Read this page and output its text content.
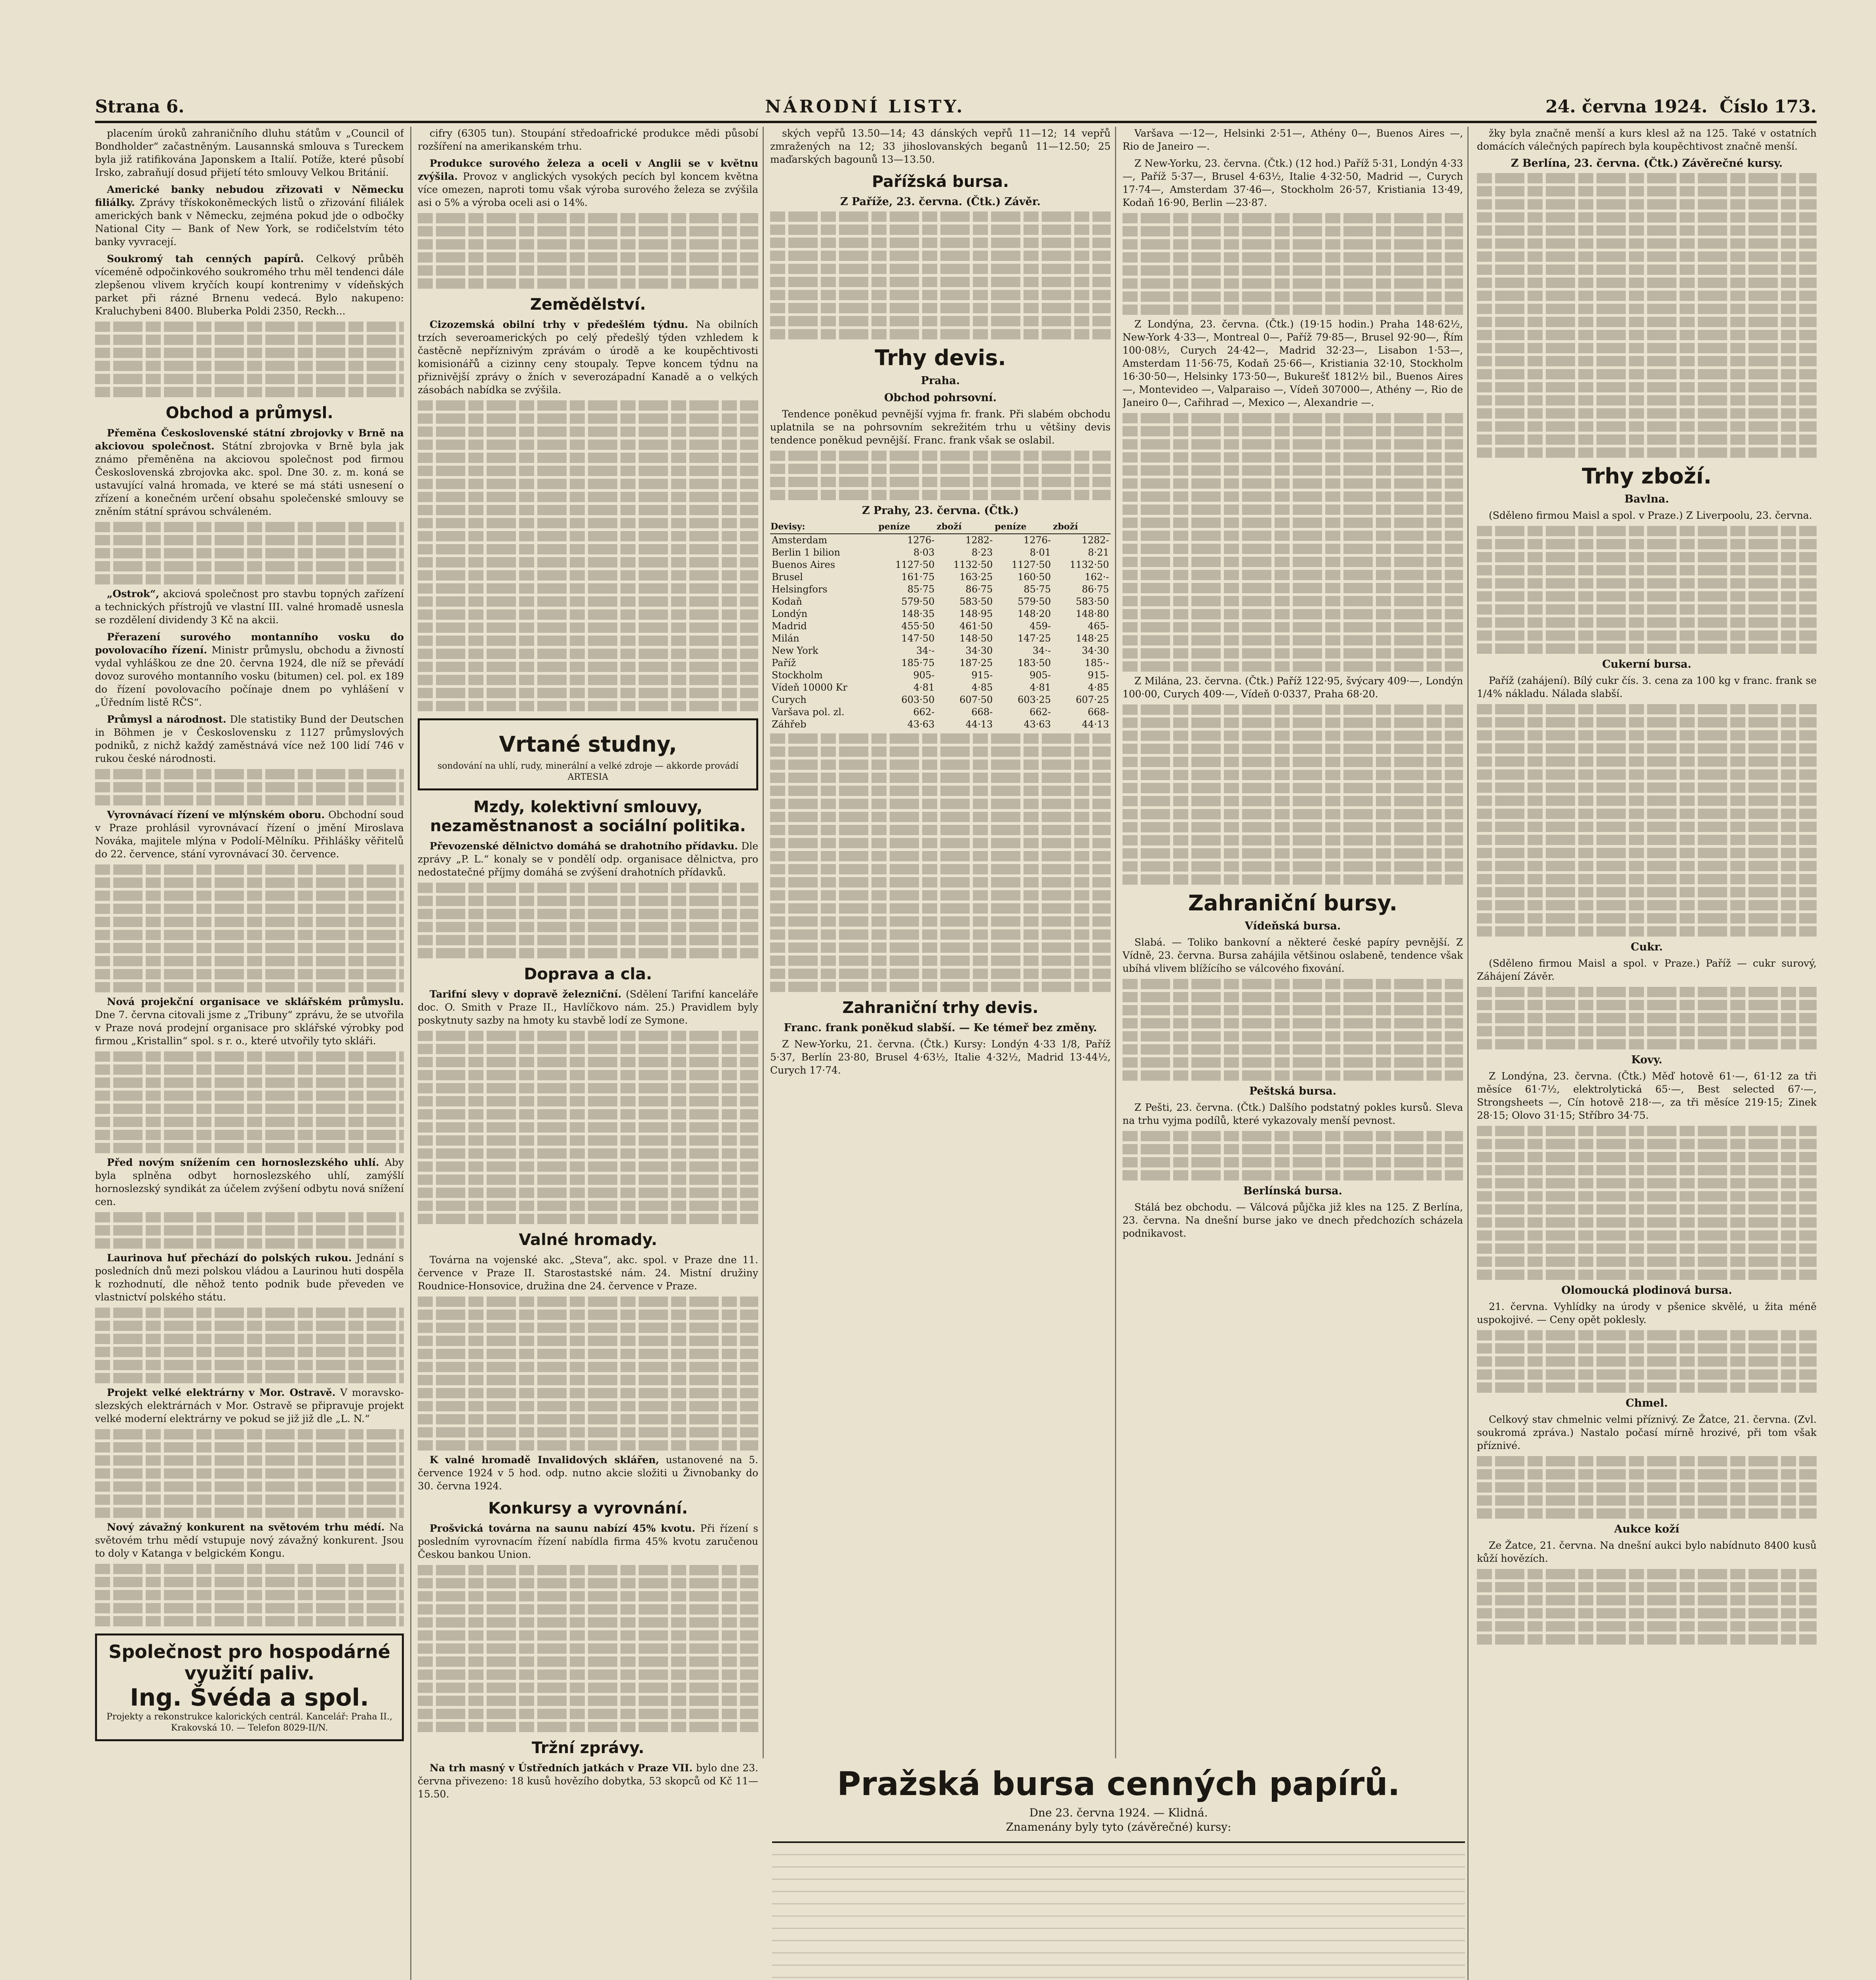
Strana 6.	NÁRODNÍ LISTY.	24. června 1924. Číslo 173.

placením úroků zahraničního dluhu státům v „Council of Bondholder“ začastněným. Lausannská smlouva s Tureckem byla již ratifikována Japonskem a Italií. Potíže, které působí Irsko, zabraňují dosud přijetí této smlouvy Velkou Británií.

Americké banky nebudou zřizovati v Německu filiálky. Zprávy třískokoněmeckých listů o zřizování filiálek amerických bank v Německu, zejména pokud jde o odbočky National City — Bank of New York, se rodičelstvím této banky vyvracejí.

Soukromý tah cenných papírů. Celkový průběh víceméně odpočinkového soukromého trhu měl tendenci dále zlepšenou vlivem kryčích koupí kontrenimy v vídeňských parket při rázné Brnenu vedecá. Bylo nakupeno: Kraluchybeni 8400. Bluberka Poldi 2350, Reckh...

Obchod a průmysl.

Přeměna Československé státní zbrojovky v Brně na akciovou společnost. Státní zbrojovka v Brně byla jak známo přeměněna na akciovou společnost pod firmou Československá zbrojovka akc. spol. Dne 30. z. m. koná se ustavující valná hromada, ve které se má státi usnesení o zřízení a konečném určení obsahu společenské smlouvy se zněním státní správou schváleném.

„Ostrok“, akciová společnost pro stavbu topných zařízení a technických přístrojů ve vlastní III. valné hromadě usnesla se rozdělení dividendy 3 Kč na akcii.

Přerazení surového montanního vosku do povolovacího řízení. Ministr průmyslu, obchodu a živností vydal vyhláškou ze dne 20. června 1924, dle níž se převádí dovoz surového montanního vosku (bitumen) cel. pol. ex 189 do řízení povolovacího počínaje dnem po vyhlášení v „Úředním listě RČS“.

Průmysl a národnost. Dle statistiky Bund der Deutschen in Böhmen je v Československu z 1127 průmyslových podniků, z nichž každý zaměstnává více než 100 lidí 746 v rukou české národnosti.

Vyrovnávací řízení ve mlýnském oboru. Obchodní soud v Praze prohlásil vyrovnávací řízení o jmění Miroslava Nováka, majitele mlýna v Podolí-Mělníku. Přihlášky věřitelů do 22. července, stání vyrovnávací 30. července.

Nová projekční organisace ve sklářském průmyslu. Dne 7. června citovali jsme z „Tribuny“ zprávu, že se utvořila v Praze nová prodejní organisace pro sklářské výrobky pod firmou „Kristallin“ spol. s r. o., které utvořily tyto skláři.

Před novým snížením cen hornoslezského uhlí. Aby byla splněna odbyt hornoslezského uhlí, zamýšlí hornoslezský syndikát za účelem zvýšení odbytu nová snížení cen.

Laurinova huť přechází do polských rukou. Jednání s posledních dnů mezi polskou vládou a Laurinou huti dospěla k rozhodnutí, dle něhož tento podnik bude převeden ve vlastnictví polského státu.

Projekt velké elektrárny v Mor. Ostravě. V moravsko-slezských elektrárnách v Mor. Ostravě se připravuje projekt velké moderní elektrárny ve pokud se již již dle „L. N.“

Nový závažný konkurent na světovém trhu médí. Na světovém trhu mědí vstupuje nový závažný konkurent. Jsou to doly v Katanga v belgickém Kongu.

Společnost pro hospodárné využití paliv.
Ing. Švéda a spol.
Projekty a rekonstrukce kalorických centrál. Kancelář: Praha II., Krakovská 10. — Telefon 8029-II/N.

cifry (6305 tun). Stoupání středoafrické produkce mědi působí rozšíření na amerikanském trhu.

Produkce surového železa a oceli v Anglii se v květnu zvýšila. Provoz v anglických vysokých pecích byl koncem května více omezen, naproti tomu však výroba surového železa se zvýšila asi o 5% a výroba oceli asi o 14%.

Zemědělství.

Cizozemská obilní trhy v předešlém týdnu. Na obilních trzích severoamerických po celý předešlý týden vzhledem k častěcně nepříznivým zprávám o úrodě a ke koupěchtivosti komisionářů a cizinny ceny stoupaly. Tepve koncem týdnu na přiznivější zprávy o žních v severozápadní Kanadě a o velkých zásobách nabídka se zvýšila.

Vrtané studny,
sondování na uhlí, rudy, minerální a velké zdroje — akkorde provádí ARTESIA
Mzdy, kolektivní smlouvy, nezaměstnanost a sociální politika.

Převozenské dělnictvo domáhá se drahotního přídavku. Dle zprávy „P. L.“ konaly se v pondělí odp. organisace dělnictva, pro nedostatečné příjmy domáhá se zvýšení drahotních přídavků.

Doprava a cla.

Tarifní slevy v dopravě železniční. (Sdělení Tarifní kanceláře doc. O. Smith v Praze II., Havlíčkovo nám. 25.) Pravidlem byly poskytnuty sazby na hmoty ku stavbě lodí ze Symone.

Valné hromady.

Továrna na vojenské akc. „Steva“, akc. spol. v Praze dne 11. července v Praze II. Starostastské nám. 24. Mistní družiny Roudnice-Honsovice, družina dne 24. července v Praze.

K valné hromadě Invalidových sklářen, ustanovené na 5. července 1924 v 5 hod. odp. nutno akcie složiti u Živnobanky do 30. června 1924.

Konkursy a vyrovnání.

Prošvická továrna na saunu nabízí 45% kvotu. Při řízení s posledním vyrovnacím řízení nabídla firma 45% kvotu zaručenou Českou bankou Union.

Tržní zprávy.

Na trh masný v Ústředních jatkách v Praze VII. bylo dne 23. června přivezeno: 18 kusů hovězího dobytka, 53 skopců od Kč 11—15.50.

ských vepřů 13.50—14; 43 dánských vepřů 11—12; 14 vepřů zmražených na 12; 33 jihoslovanských beganů 11—12.50; 25 maďarských bagounů 13—13.50.

Pařížská bursa.
Z Paříže, 23. června. (Čtk.) Závěr.
Trhy devis.
Praha.
Obchod pohrsovní.

Tendence poněkud pevnější vyjma fr. frank. Při slabém obchodu uplatnila se na pohrsovním sekrežitém trhu u většiny devis tendence poněkud pevnější. Franc. frank však se oslabil.

Z Prahy, 23. června. (Čtk.)
Devisy:	peníze	zboží	peníze	zboží
Amsterdam	1276-	1282-	1276-	1282-
Berlin 1 bilion	8·03	8·23	8·01	8·21
Buenos Aires	1127·50	1132·50	1127·50	1132·50
Brusel	161·75	163·25	160·50	162·-
Helsingfors	85·75	86·75	85·75	86·75
Kodaň	579·50	583·50	579·50	583·50
Londýn	148·35	148·95	148·20	148·80
Madrid	455·50	461·50	459-	465-
Milán	147·50	148·50	147·25	148·25
New York	34·-	34·30	34·-	34·30
Paříž	185·75	187·25	183·50	185·-
Stockholm	905-	915-	905-	915-
Vídeň 10000 Kr	4·81	4·85	4·81	4·85
Curych	603·50	607·50	603·25	607·25
Varšava pol. zl.	662-	668-	662-	668-
Záhřeb	43·63	44·13	43·63	44·13
Zahraniční trhy devis.
Franc. frank poněkud slabší. — Ke témeř bez změny.

Z New-Yorku, 21. června. (Čtk.) Kursy: Londýn 4·33 1/8, Paříž 5·37, Berlín 23·80, Brusel 4·63½, Italie 4·32½, Madrid 13·44½, Curych 17·74.

Varšava —·12—, Helsinki 2·51—, Athény 0—, Buenos Aires —, Rio de Janeiro —.

Z New-Yorku, 23. června. (Čtk.) (12 hod.) Paříž 5·31, Londýn 4·33—, Paříž 5·37—, Brusel 4·63½, Italie 4·32·50, Madrid —, Curych 17·74—, Amsterdam 37·46—, Stockholm 26·57, Kristiania 13·49, Kodaň 16·90, Berlin —23·87.

Z Londýna, 23. června. (Čtk.) (19·15 hodin.) Praha 148·62½, New-York 4·33—, Montreal 0—, Paříž 79·85—, Brusel 92·90—, Řím 100·08½, Curych 24·42—, Madrid 32·23—, Lisabon 1·53—, Amsterdam 11·56·75, Kodaň 25·66—, Kristiania 32·10, Stockholm 16·30·50—, Helsinky 173·50—, Bukurešť 1812½ bil., Buenos Aires —, Montevideo —, Valparaiso —, Vídeň 307000—, Athény —, Rio de Janeiro 0—, Cařihrad —, Mexico —, Alexandrie —.

Z Milána, 23. června. (Čtk.) Paříž 122·95, švýcary 409·—, Londýn 100·00, Curych 409·—, Vídeň 0·0337, Praha 68·20.

Zahraniční bursy.
Vídeňská bursa.

Slabá. — Toliko bankovní a některé české papíry pevnější. Z Vídně, 23. června. Bursa zahájila většinou oslabeně, tendence však ubíhá vlivem blížícího se válcového fixování.

Peštská bursa.

Z Pešti, 23. června. (Čtk.) Dalšího podstatný pokles kursů. Sleva na trhu vyjma podílů, které vykazovaly menší pevnost.

Berlínská bursa.

Stálá bez obchodu. — Válcová půjčka již kles na 125. Z Berlína, 23. června. Na dnešní burse jako ve dnech předchozích scházela podnikavost.

žky byla značně menší a kurs klesl až na 125. Také v ostatních domácích válečných papírech byla koupěchtivost značně menší.

Z Berlína, 23. června. (Čtk.) Závěrečné kursy.
Trhy zboží.
Bavlna.

(Sděleno firmou Maisl a spol. v Praze.) Z Liverpoolu, 23. června.

Cukerní bursa.

Paříž (zahájení). Bílý cukr čís. 3. cena za 100 kg v franc. frank se 1/4% nákladu. Nálada slabší.

Cukr.

(Sděleno firmou Maisl a spol. v Praze.) Paříž — cukr surový, Záhájení Závěr.

Kovy.

Z Londýna, 23. června. (Čtk.) Měď hotově 61·—, 61·12 za tři měsíce 61·7½, elektrolytická 65·—, Best selected 67·—, Strongsheets —, Cín hotově 218·—, za tři měsíce 219·15; Zinek 28·15; Olovo 31·15; Stříbro 34·75.

Olomoucká plodinová bursa.

21. června. Vyhlídky na úrody v pšenice skvělé, u žita méně uspokojivé. — Ceny opět poklesly.

Chmel.

Celkový stav chmelnic velmi příznivý. Ze Žatce, 21. června. (Zvl. soukromá zpráva.) Nastalo počasí mírně hrozivé, při tom však příznivé.

Aukce koží

Ze Žatce, 21. června. Na dnešní aukci bylo nabídnuto 8400 kusů kůží hovězích.

Pražská bursa cenných papírů.
Dne 23. června 1924. — Klidná.
Znamenány byly tyto (závěrečné) kursy:
